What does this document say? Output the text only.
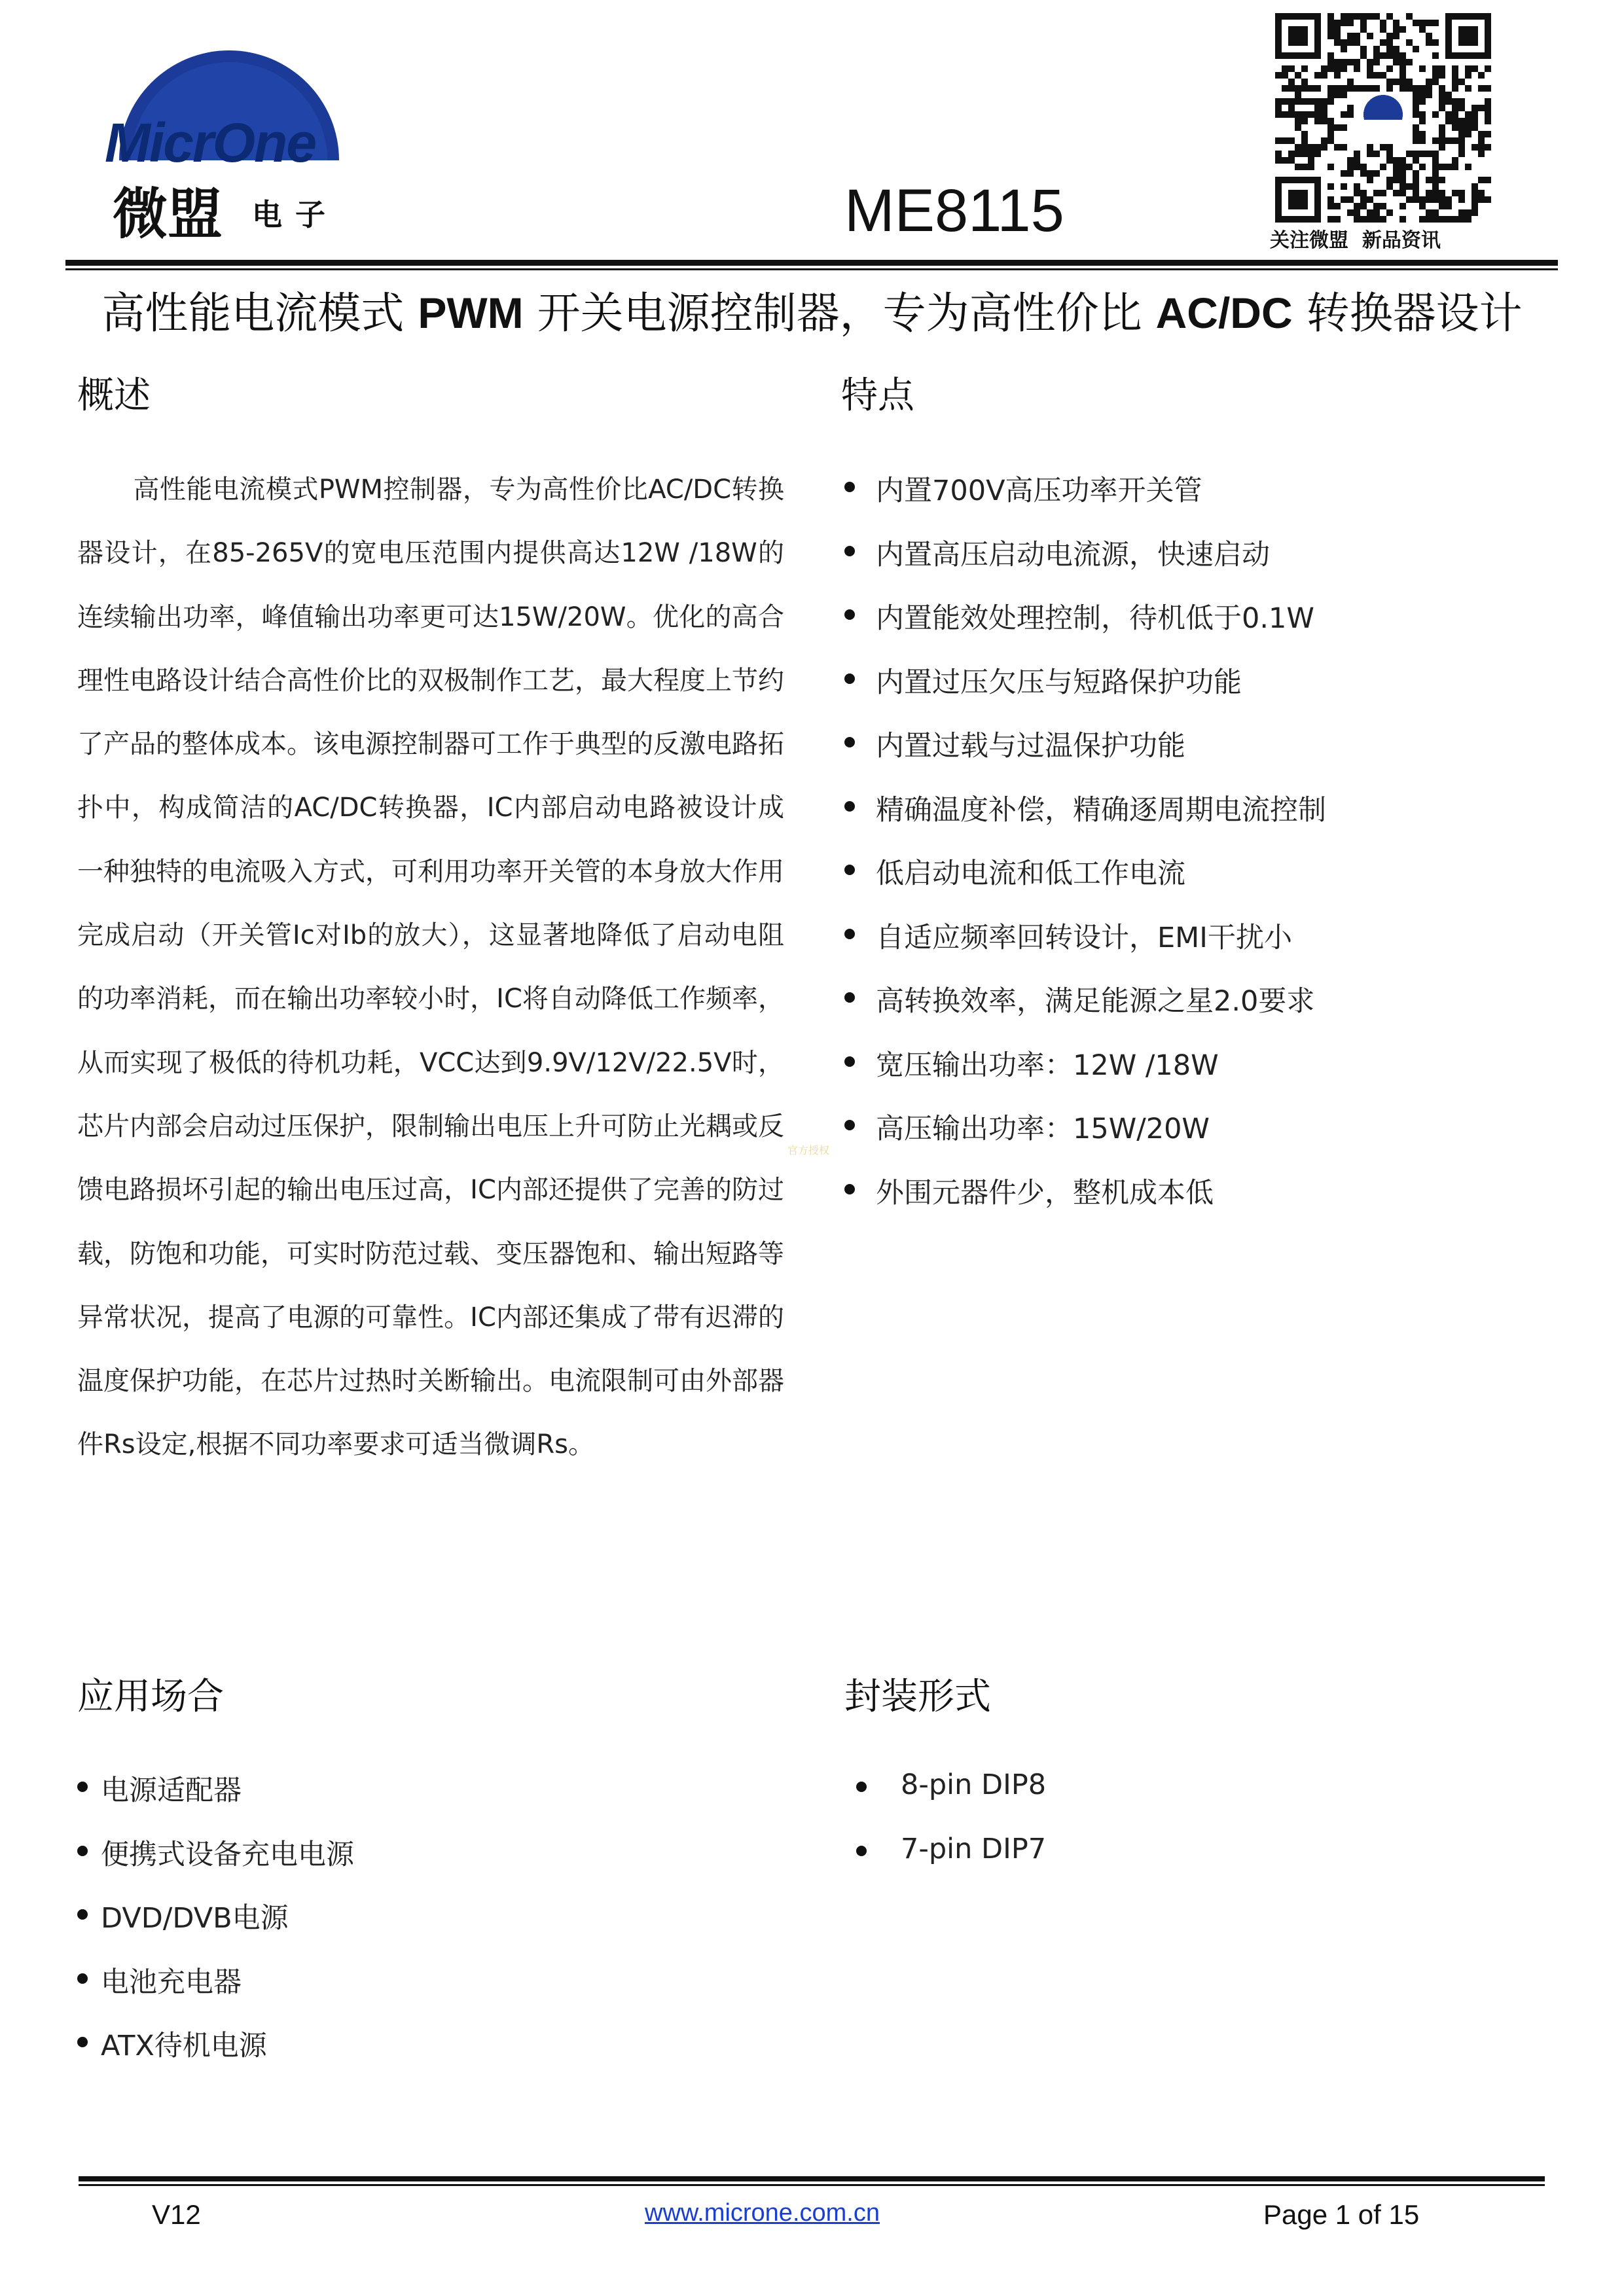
MicrOne
微盟 电子
关注微盟  新品资讯
ME8115
高性能电流模式 PWM 开关电源控制器，专为高性价比 AC/DC 转换器设计
概述
高性能电流模式PWM控制器，专为高性价比AC/DC转换器设计，在85-265V的宽电压范围内提供高达12W /18W的连续输出功率，峰值输出功率更可达15W/20W。优化的高合理性电路设计结合高性价比的双极制作工艺，最大程度上节约了产品的整体成本。该电源控制器可工作于典型的反激电路拓扑中，构成简洁的AC/DC转换器，IC内部启动电路被设计成一种独特的电流吸入方式，可利用功率开关管的本身放大作用完成启动（开关管Ic对Ib的放大），这显著地降低了启动电阻的功率消耗，而在输出功率较小时，IC将自动降低工作频率，从而实现了极低的待机功耗，VCC达到9.9V/12V/22.5V时，芯片内部会启动过压保护，限制输出电压上升可防止光耦或反馈电路损坏引起的输出电压过高，IC内部还提供了完善的防过载，防饱和功能，可实时防范过载、变压器饱和、输出短路等异常状况，提高了电源的可靠性。IC内部还集成了带有迟滞的温度保护功能，在芯片过热时关断输出。电流限制可由外部器件Rs设定,根据不同功率要求可适当微调Rs。
特点
内置700V高压功率开关管
内置高压启动电流源，快速启动
内置能效处理控制，待机低于0.1W
内置过压欠压与短路保护功能
内置过载与过温保护功能
精确温度补偿，精确逐周期电流控制
低启动电流和低工作电流
自适应频率回转设计，EMI干扰小
高转换效率，满足能源之星2.0要求
宽压输出功率：12W /18W
高压输出功率：15W/20W
外围元器件少，整机成本低
官方授权
应用场合
电源适配器
便携式设备充电电源
DVD/DVB电源
电池充电器
ATX待机电源
封装形式
8-pin DIP8
7-pin DIP7
V12	www.microne.com.cn	Page 1 of 15
